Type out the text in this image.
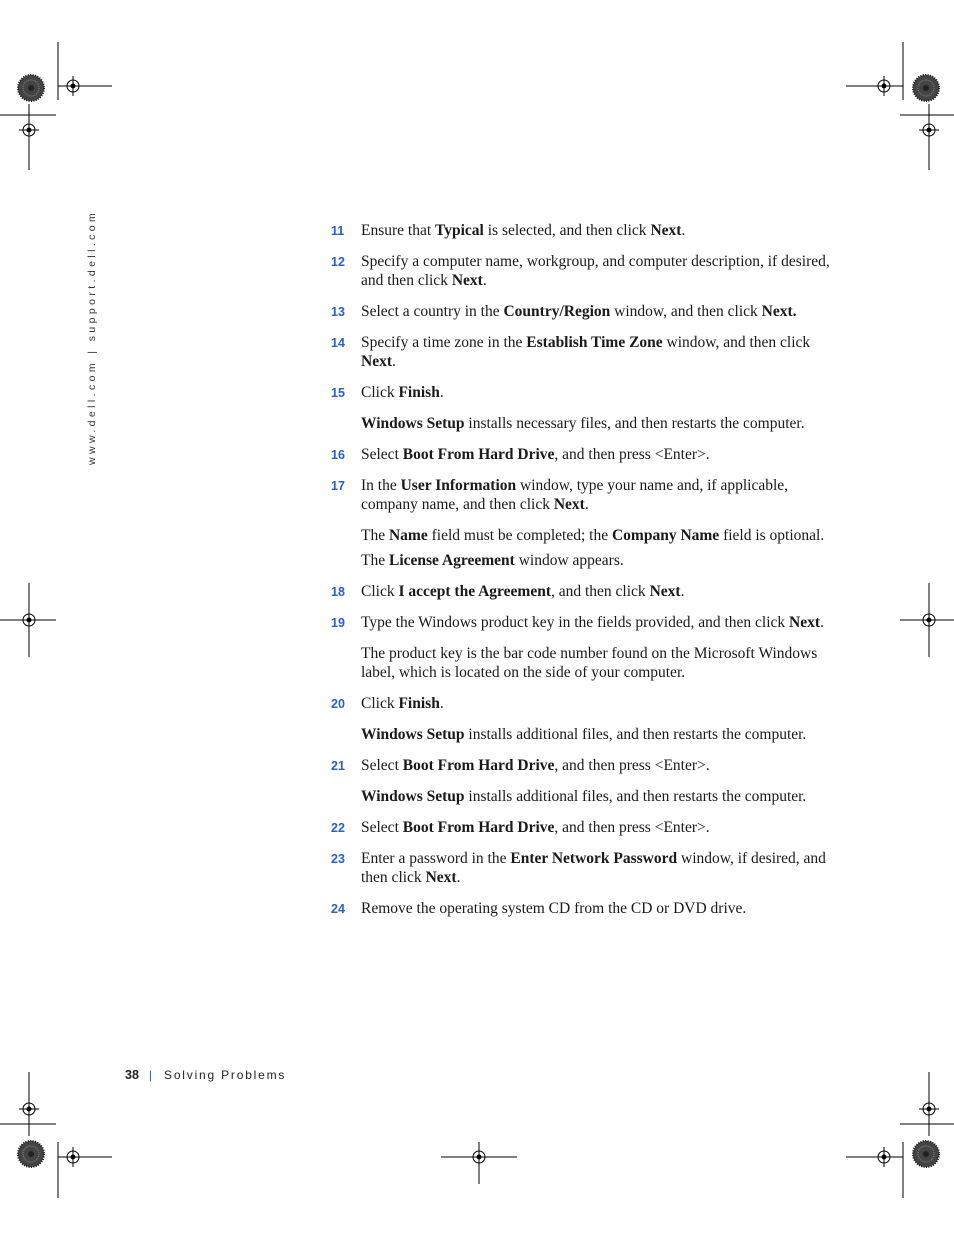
www.dell.com | support.dell.com	11 Ensure that Typical is selected, and then click Next.
12 Specify a computer name, workgroup, and computer description, if desired, and then click Next.
13 Select a country in the Country/Region window, and then click Next.
14 Specify a time zone in the Establish Time Zone window, and then click Next.
15 Click Finish.
Windows Setup installs necessary files, and then restarts the computer.
16 Select Boot From Hard Drive, and then press <Enter>.
17 In the User Information window, type your name and, if applicable, company name, and then click Next.
The Name field must be completed; the Company Name field is optional.
The License Agreement window appears.
18 Click I accept the Agreement, and then click Next.
19 Type the Windows product key in the fields provided, and then click Next.
The product key is the bar code number found on the Microsoft Windows label, which is located on the side of your computer.
20 Click Finish.
Windows Setup installs additional files, and then restarts the computer.
21 Select Boot From Hard Drive, and then press <Enter>.
Windows Setup installs additional files, and then restarts the computer.
22 Select Boot From Hard Drive, and then press <Enter>.
23 Enter a password in the Enter Network Password window, if desired, and then click Next.
24 Remove the operating system CD from the CD or DVD drive.
38 | Solving Problems
